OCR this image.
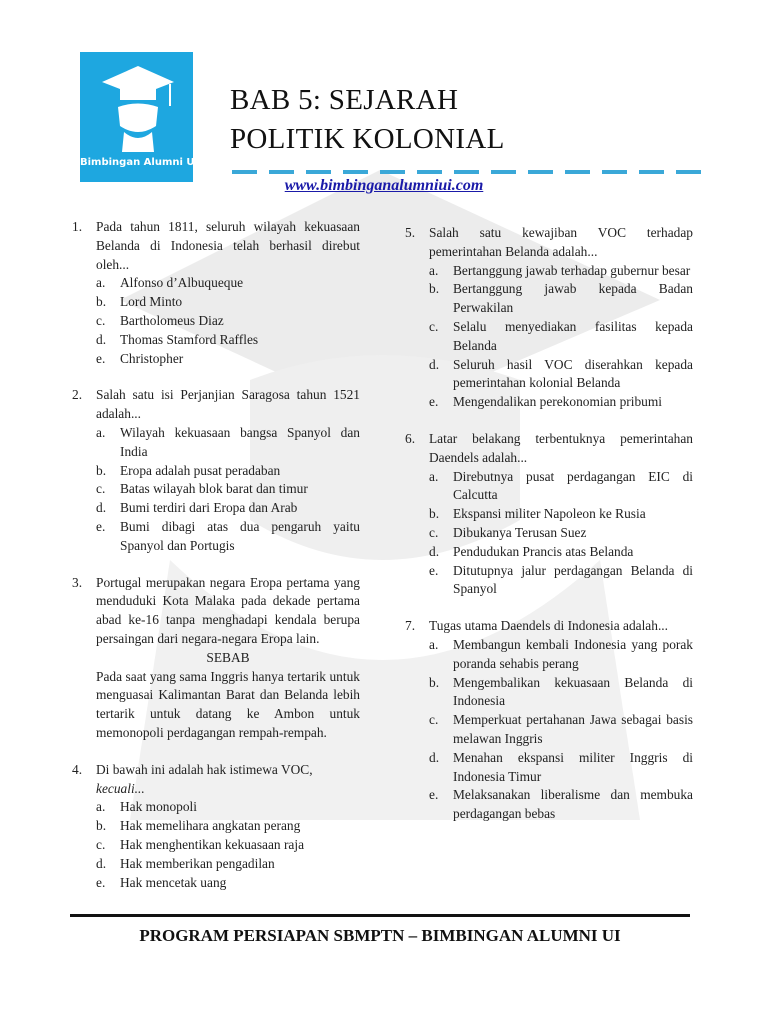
Bimbingan Alumni UI
BAB 5: SEJARAH
POLITIK KOLONIAL
www.bimbinganalumniui.com
1. Pada tahun 1811, seluruh wilayah kekuasaan Belanda di Indonesia telah berhasil direbut oleh...
a. Alfonso d’Albuqueque
b. Lord Minto
c. Bartholomeus Diaz
d. Thomas Stamford Raffles
e. Christopher
2. Salah satu isi Perjanjian Saragosa tahun 1521 adalah...
a. Wilayah kekuasaan bangsa Spanyol dan India
b. Eropa adalah pusat peradaban
c. Batas wilayah blok barat dan timur
d. Bumi terdiri dari Eropa dan Arab
e. Bumi dibagi atas dua pengaruh yaitu Spanyol dan Portugis
3. Portugal merupakan negara Eropa pertama yang menduduki Kota Malaka pada dekade pertama abad ke-16 tanpa menghadapi kendala berupa persaingan dari negara-negara Eropa lain.
SEBAB
Pada saat yang sama Inggris hanya tertarik untuk menguasai Kalimantan Barat dan Belanda lebih tertarik untuk datang ke Ambon untuk memonopoli perdagangan rempah-rempah.
4. Di bawah ini adalah hak istimewa VOC,
kecuali...
a. Hak monopoli
b. Hak memelihara angkatan perang
c. Hak menghentikan kekuasaan raja
d. Hak memberikan pengadilan
e. Hak mencetak uang
5. Salah satu kewajiban VOC terhadap pemerintahan Belanda adalah...
a. Bertanggung jawab terhadap gubernur besar
b. Bertanggung jawab kepada Badan Perwakilan
c. Selalu menyediakan fasilitas kepada Belanda
d. Seluruh hasil VOC diserahkan kepada pemerintahan kolonial Belanda
e. Mengendalikan perekonomian pribumi
6. Latar belakang terbentuknya pemerintahan Daendels adalah...
a. Direbutnya pusat perdagangan EIC di Calcutta
b. Ekspansi militer Napoleon ke Rusia
c. Dibukanya Terusan Suez
d. Pendudukan Prancis atas Belanda
e. Ditutupnya jalur perdagangan Belanda di Spanyol
7. Tugas utama Daendels di Indonesia adalah...
a. Membangun kembali Indonesia yang porak poranda sehabis perang
b. Mengembalikan kekuasaan Belanda di Indonesia
c. Memperkuat pertahanan Jawa sebagai basis melawan Inggris
d. Menahan ekspansi militer Inggris di Indonesia Timur
e. Melaksanakan liberalisme dan membuka perdagangan bebas
PROGRAM PERSIAPAN SBMPTN – BIMBINGAN ALUMNI UI
